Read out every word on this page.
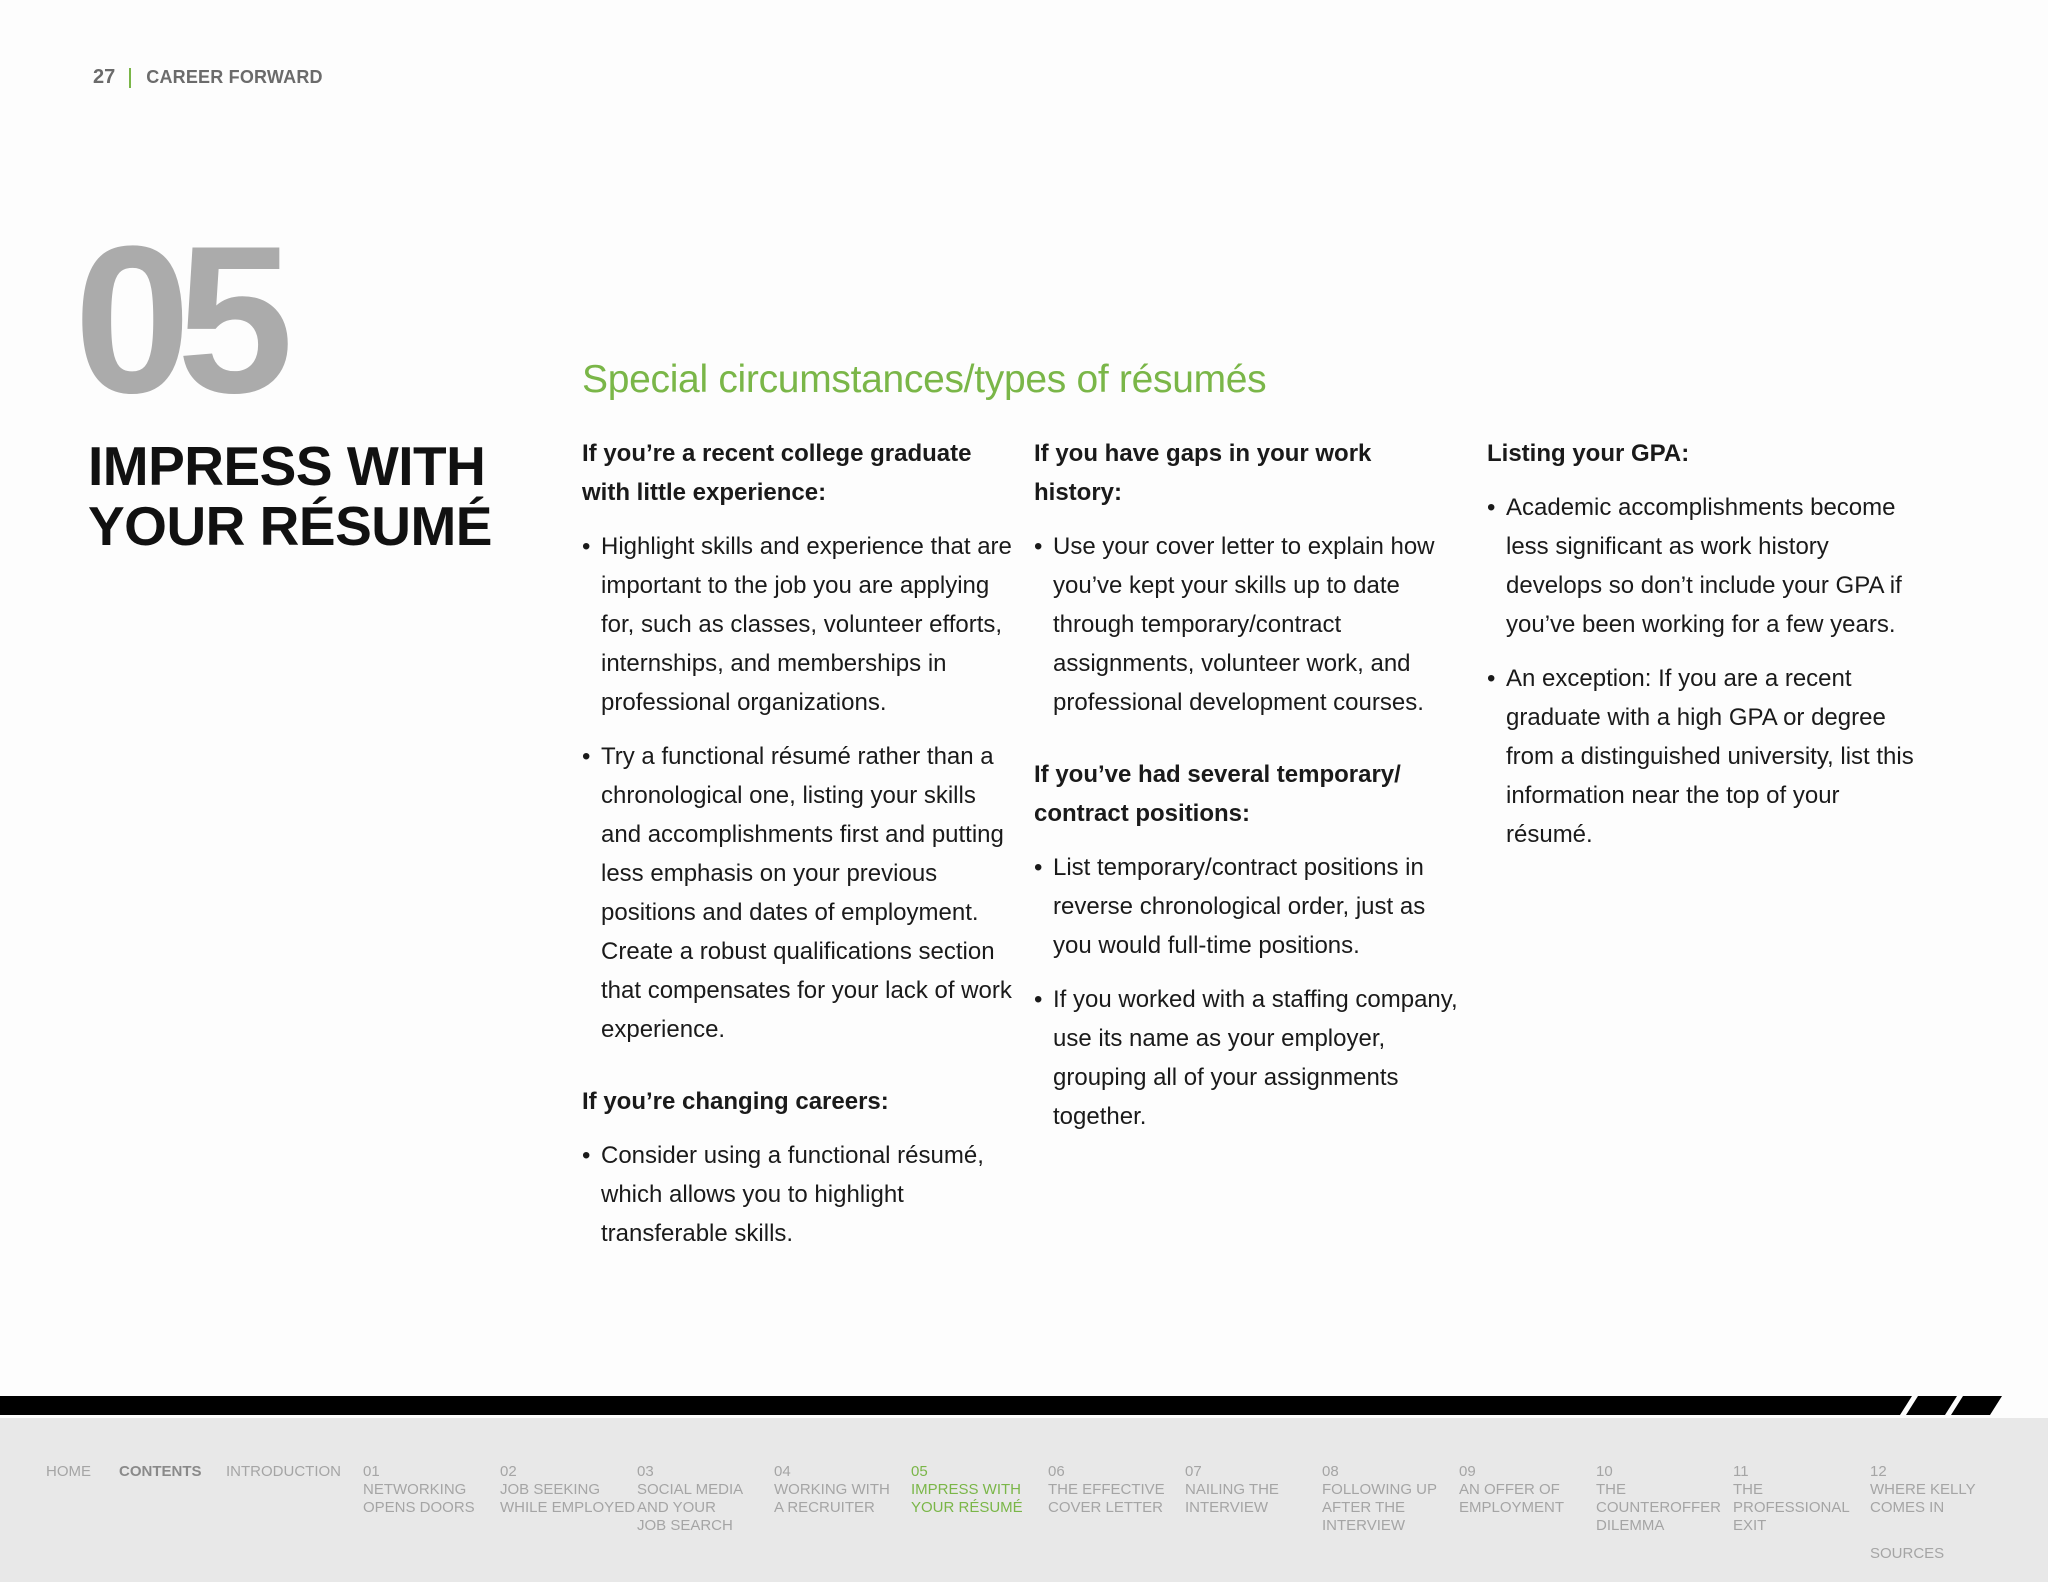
27 CAREER FORWARD
05
IMPRESS WITH
YOUR RÉSUMÉ
Special circumstances/types of résumés
If you’re a recent college graduate with little experience:
• Highlight skills and experience that are important to the job you are applying for, such as classes, volunteer efforts, internships, and memberships in professional organizations.
• Try a functional résumé rather than a chronological one, listing your skills and accomplishments first and putting less emphasis on your previous positions and dates of employment. Create a robust qualifications section that compensates for your lack of work experience.
If you’re changing careers:
• Consider using a functional résumé, which allows you to highlight transferable skills.
If you have gaps in your work history:
• Use your cover letter to explain how you’ve kept your skills up to date through temporary/contract assignments, volunteer work, and professional development courses.
If you’ve had several temporary/ contract positions:
• List temporary/contract positions in reverse chronological order, just as you would full-time positions.
• If you worked with a staffing company, use its name as your employer, grouping all of your assignments together.
Listing your GPA:
• Academic accomplishments become less significant as work history develops so don’t include your GPA if you’ve been working for a few years.
• An exception: If you are a recent graduate with a high GPA or degree from a distinguished university, list this information near the top of your résumé.
HOME CONTENTS INTRODUCTION 01
NETWORKING
OPENS DOORS
02
JOB SEEKING
WHILE EMPLOYED
03
SOCIAL MEDIA
AND YOUR
JOB SEARCH
04
WORKING WITH
A RECRUITER
05
IMPRESS WITH
YOUR RÉSUMÉ
06
THE EFFECTIVE
COVER LETTER
07
NAILING THE
INTERVIEW
08
FOLLOWING UP
AFTER THE
INTERVIEW
09
AN OFFER OF
EMPLOYMENT
10
THE
COUNTEROFFER
DILEMMA
11
THE
PROFESSIONAL
EXIT
12
WHERE KELLY
COMES IN
SOURCES
